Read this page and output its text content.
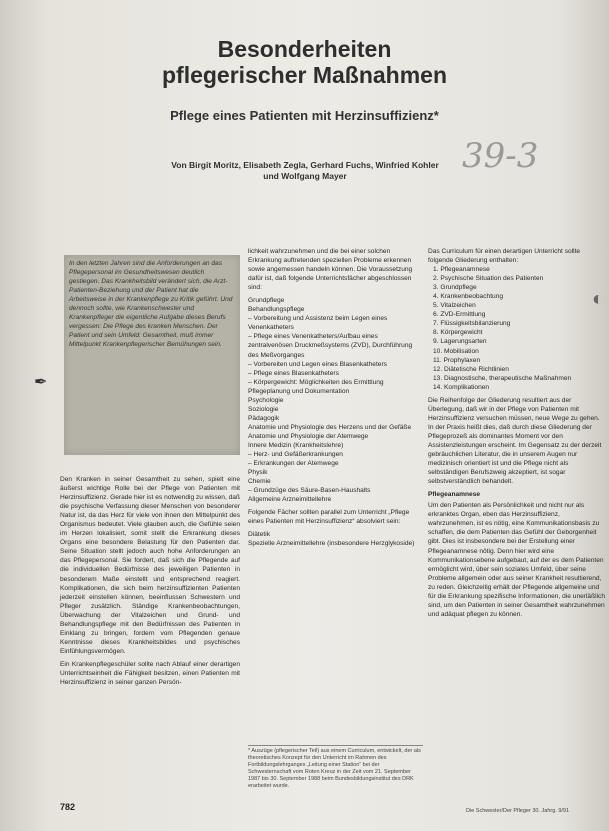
Besonderheiten
pflegerischer Maßnahmen
Pflege eines Patienten mit Herzinsuffizienz*
39-3
Von Birgit Moritz, Elisabeth Zegla, Gerhard Fuchs, Winfried Kohler
und Wolfgang Mayer
✒
◐

In den letzten Jahren sind die Anforderungen an das Pflegepersonal im Gesundheitswesen deutlich gestiegen. Das Krankheitsbild verändert sich, die Arzt-Patienten-Beziehung und der Patient hat die Arbeitsweise in der Krankenpflege zu Kritik geführt. Und dennoch sollte, wie Krankenschwester und Krankenpfleger die eigentliche Aufgabe dieses Berufs vergessen: Die Pflege des kranken Menschen. Der Patient und sein Umfeld: Gesamtheit, muß immer Mittelpunkt Krankenpflegerischer Bemühungen sein.

Den Kranken in seiner Gesamtheit zu sehen, spielt eine äußerst wichtige Rolle bei der Pflege von Patienten mit Herzinsuffizienz. Gerade hier ist es notwendig zu wissen, daß die psychische Verfassung dieser Menschen von besonderer Natur ist, da das Herz für viele von ihnen den Mittelpunkt des Organismus bedeutet. Viele glauben auch, die Gefühle seien im Herzen lokalisiert, somit stellt die Erkrankung dieses Organs eine besondere Belastung für den Patienten dar. Seine Situation stellt jedoch auch hohe Anforderungen an das Pflegepersonal. Sie fordert, daß sich die Pflegende auf die individuellen Bedürfnisse des jeweiligen Patienten in besonderem Maße einstellt und entsprechend reagiert. Komplikationen, die sich beim herzinsuffizienten Patienten jederzeit einstellen können, beeinflussen Schwestern und Pfleger zusätzlich. Ständige Krankenbeobachtungen, Überwachung der Vitalzeichen und Grund- und Behandlungspflege mit den Bedürfnissen des Patienten in Einklang zu bringen, fordern vom Pflegenden genaue Kenntnisse dieses Krankheitsbildes und psychisches Einfühlungsvermögen.

Ein Krankenpflegeschüler sollte nach Ablauf einer derartigen Unterrichtseinheit die Fähigkeit besitzen, einen Patienten mit Herzinsuffizienz in seiner ganzen Persön-

lichkeit wahrzunehmen und die bei einer solchen Erkrankung auftretenden speziellen Probleme erkennen sowie angemessen handeln können. Die Voraussetzung dafür ist, daß folgende Unterrichtsfächer abgeschlossen sind:

Grundpflege
Behandlungspflege
– Vorbereitung und Assistenz beim Legen eines Venenkatheters
– Pflege eines Venenkatheters/Aufbau eines zentralvenösen Druckmeßsystems (ZVD), Durchführung des Meßvorganges
– Vorbereiten und Legen eines Blasenkatheters
– Pflege eines Blasenkatheters
– Körpergewicht: Möglichkeiten des Ermittlung
Pflegeplanung und Dokumentation
Psychologie
Soziologie
Pädagogik
Anatomie und Physiologie des Herzens und der Gefäße
Anatomie und Physiologie der Atemwege
Innere Medizin (Krankheitslehre)
– Herz- und Gefäßerkrankungen
– Erkrankungen der Atemwege
Physik
Chemie
– Grundzüge des Säure-Basen-Haushalts
Allgemeine Arzneimittellehre

Folgende Fächer sollten parallel zum Unterricht „Pflege eines Patienten mit Herzinsuffizienz“ absolviert sein:

Diätetik
Spezielle Arzneimittellehre (insbesondere Herzglykoside)
* Auszüge (pflegerischer Teil) aus einem Curriculum, entwickelt, der als theoretisches Konzept für den Unterricht im Rahmen des Fortbildungslehrganges „Leitung einer Station“ bei der Schwesternschaft vom Roten Kreuz in der Zeit vom 21. September 1987 bis 30. September 1988 beim Bundesbildungsinstitut des DRK erarbeitet wurde.

Das Curriculum für einen derartigen Unterricht sollte folgende Gliederung enthalten:

1. Pflegeanamnese
2. Psychische Situation des Patienten
3. Grundpflege
4. Krankenbeobachtung
5. Vitalzeichen
6. ZVD-Ermittlung
7. Flüssigkeitsbilanzierung
8. Körpergewicht
9. Lagerungsarten
10. Mobilisation
11. Prophylaxen
12. Diätetische Richtlinien
13. Diagnostische, therapeutische Maßnahmen
14. Komplikationen

Die Reihenfolge der Gliederung resultiert aus der Überlegung, daß wir in der Pflege von Patienten mit Herzinsuffizienz versuchen müssen, neue Wege zu gehen. In der Praxis heißt dies, daß durch diese Gliederung der Pflegeprozeß als dominantes Moment vor den Assistenzleistungen erscheint. Im Gegensatz zu der derzeit gebräuchlichen Literatur, die in unserem Augen nur medizinisch orientiert ist und die Pflege nicht als selbständigen Berufszweig akzeptiert, ist sogar selbstverständlich behandelt.

Pflegeanamnese

Um den Patienten als Persönlichkeit und nicht nur als erkranktes Organ, eben das Herzinsuffizienz, wahrzunehmen, ist es nötig, eine Kommunikationsbasis zu schaffen, die dem Patienten das Gefühl der Geborgenheit gibt. Dies ist insbesondere bei der Erstellung einer Pflegeanamnese nötig. Denn hier wird eine Kommunikationsebene aufgebaut, auf der es dem Patienten ermöglicht wird, über sein soziales Umfeld, über seine Probleme allgemein oder aus seiner Krankheit resultierend, zu reden. Gleichzeitig erhält der Pflegende allgemeine und für die Erkrankung spezifische Informationen, die unerläßlich sind, um den Patienten in seiner Gesamtheit wahrzunehmen und adäquat pflegen zu können.

782	Die Schwester/Der Pfleger 30. Jahrg. 9/91
